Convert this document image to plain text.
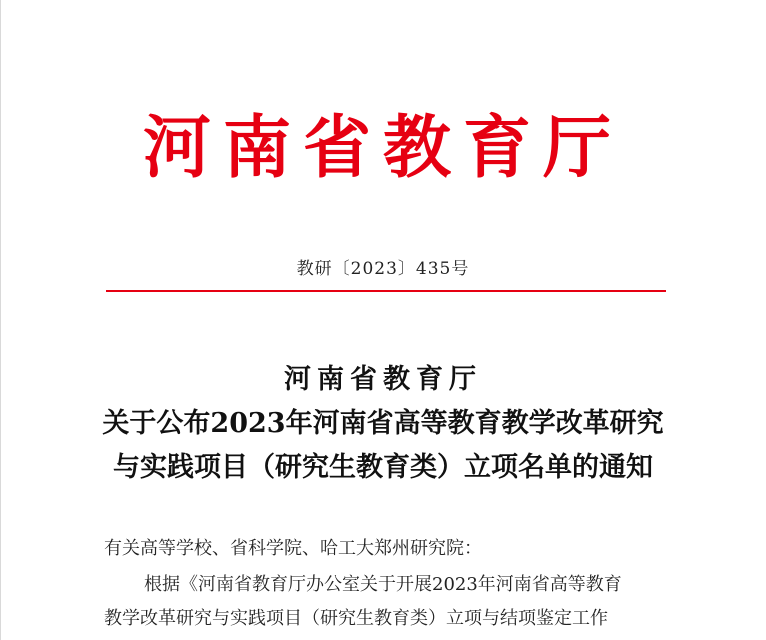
河南省教育厅
教研〔2023〕435号
河南省教育厅
关于公布2023年河南省高等教育教学改革研究
与实践项目（研究生教育类）立项名单的通知
有关高等学校、省科学院、哈工大郑州研究院：
根据《河南省教育厅办公室关于开展2023年河南省高等教育
教学改革研究与实践项目（研究生教育类）立项与结项鉴定工作
